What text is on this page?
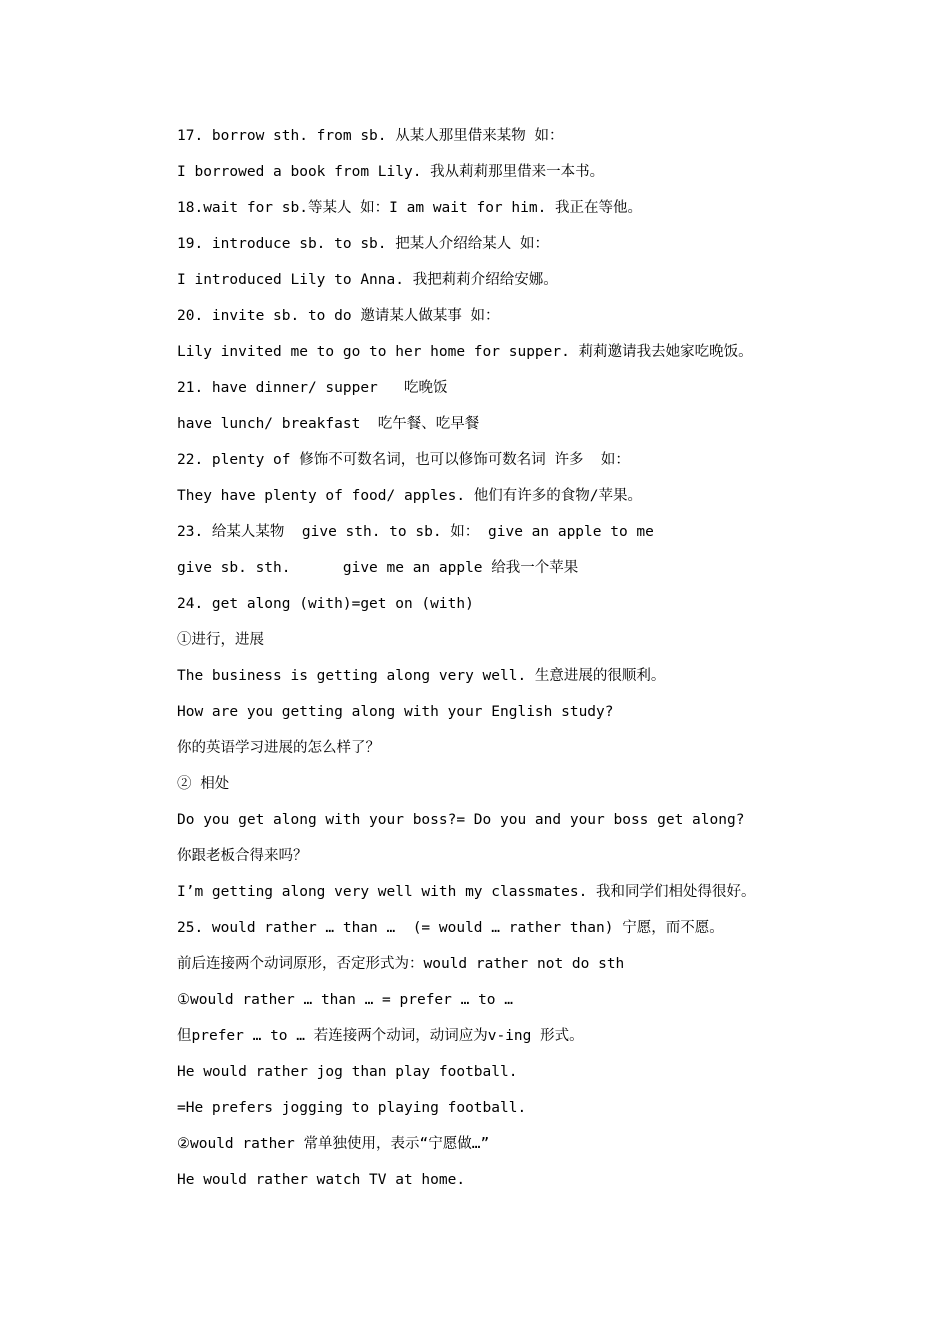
17. borrow sth. from sb. 从某人那里借来某物 如：
I borrowed a book from Lily. 我从莉莉那里借来一本书。
18.wait for sb.等某人 如：I am wait for him. 我正在等他。
19. introduce sb. to sb. 把某人介绍给某人 如：
I introduced Lily to Anna. 我把莉莉介绍给安娜。
20. invite sb. to do 邀请某人做某事 如：
Lily invited me to go to her home for supper. 莉莉邀请我去她家吃晚饭。
21. have dinner/ supper   吃晚饭
have lunch/ breakfast  吃午餐、吃早餐
22. plenty of 修饰不可数名词，也可以修饰可数名词 许多  如：
They have plenty of food/ apples. 他们有许多的食物/苹果。
23. 给某人某物  give sth. to sb. 如： give an apple to me
give sb. sth.      give me an apple 给我一个苹果
24. get along (with)=get on (with)
①进行，进展
The business is getting along very well. 生意进展的很顺利。
How are you getting along with your English study?
你的英语学习进展的怎么样了？
② 相处
Do you get along with your boss?= Do you and your boss get along?
你跟老板合得来吗？
I’m getting along very well with my classmates. 我和同学们相处得很好。
25. would rather … than …  (= would … rather than) 宁愿，而不愿。
前后连接两个动词原形，否定形式为：would rather not do sth
①would rather … than … = prefer … to …
但prefer … to … 若连接两个动词，动词应为v-ing 形式。
He would rather jog than play football.
=He prefers jogging to playing football.
②would rather 常单独使用，表示“宁愿做…”
He would rather watch TV at home.
